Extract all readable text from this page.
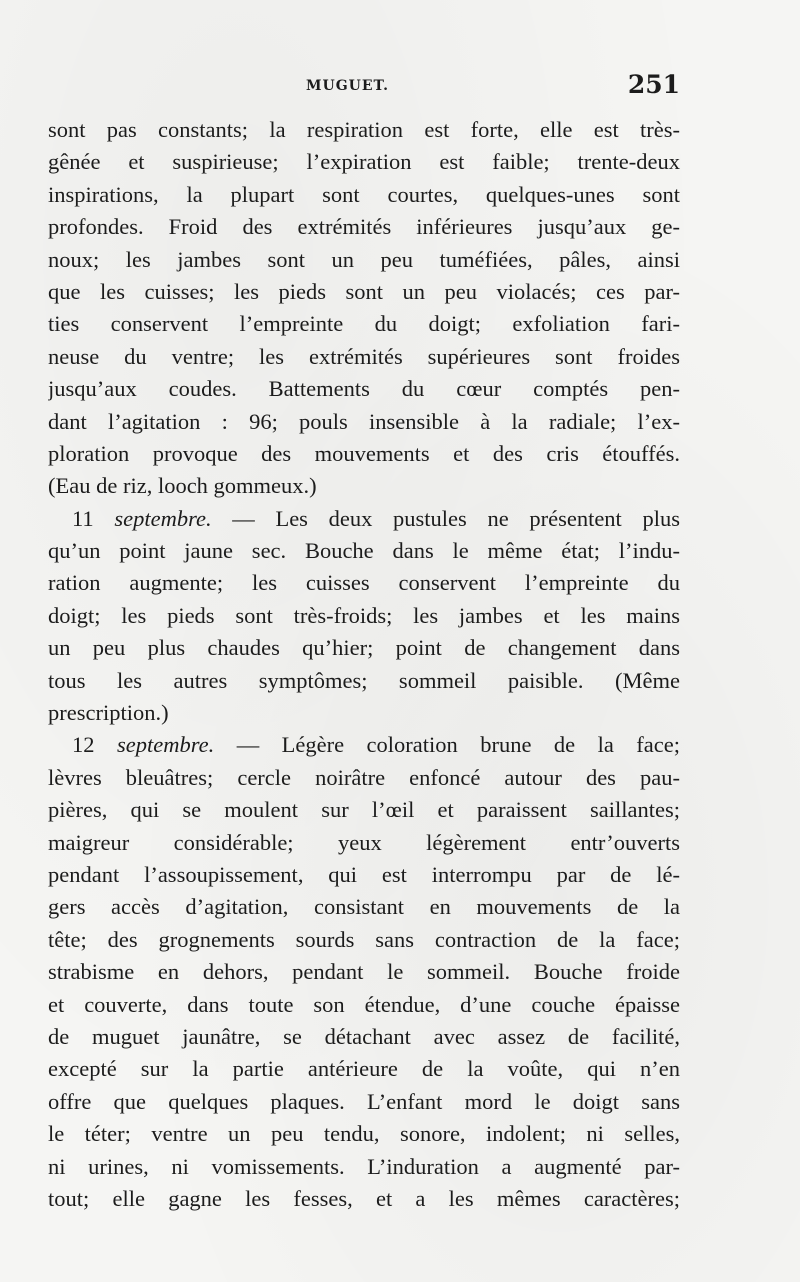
MUGUET.	251
sont pas constants; la respiration est forte, elle est très-
gênée et suspirieuse; l’expiration est faible; trente-deux
inspirations, la plupart sont courtes, quelques-unes sont
profondes. Froid des extrémités inférieures jusqu’aux ge-
noux; les jambes sont un peu tuméfiées, pâles, ainsi
que les cuisses; les pieds sont un peu violacés; ces par-
ties conservent l’empreinte du doigt; exfoliation fari-
neuse du ventre; les extrémités supérieures sont froides
jusqu’aux coudes. Battements du cœur comptés pen-
dant l’agitation : 96; pouls insensible à la radiale; l’ex-
ploration provoque des mouvements et des cris étouffés.
(Eau de riz, looch gommeux.)
11 septembre. — Les deux pustules ne présentent plus
qu’un point jaune sec. Bouche dans le même état; l’indu-
ration augmente; les cuisses conservent l’empreinte du
doigt; les pieds sont très-froids; les jambes et les mains
un peu plus chaudes qu’hier; point de changement dans
tous les autres symptômes; sommeil paisible. (Même
prescription.)
12 septembre. — Légère coloration brune de la face;
lèvres bleuâtres; cercle noirâtre enfoncé autour des pau-
pières, qui se moulent sur l’œil et paraissent saillantes;
maigreur considérable; yeux légèrement entr’ouverts
pendant l’assoupissement, qui est interrompu par de lé-
gers accès d’agitation, consistant en mouvements de la
tête; des grognements sourds sans contraction de la face;
strabisme en dehors, pendant le sommeil. Bouche froide
et couverte, dans toute son étendue, d’une couche épaisse
de muguet jaunâtre, se détachant avec assez de facilité,
excepté sur la partie antérieure de la voûte, qui n’en
offre que quelques plaques. L’enfant mord le doigt sans
le téter; ventre un peu tendu, sonore, indolent; ni selles,
ni urines, ni vomissements. L’induration a augmenté par-
tout; elle gagne les fesses, et a les mêmes caractères;
